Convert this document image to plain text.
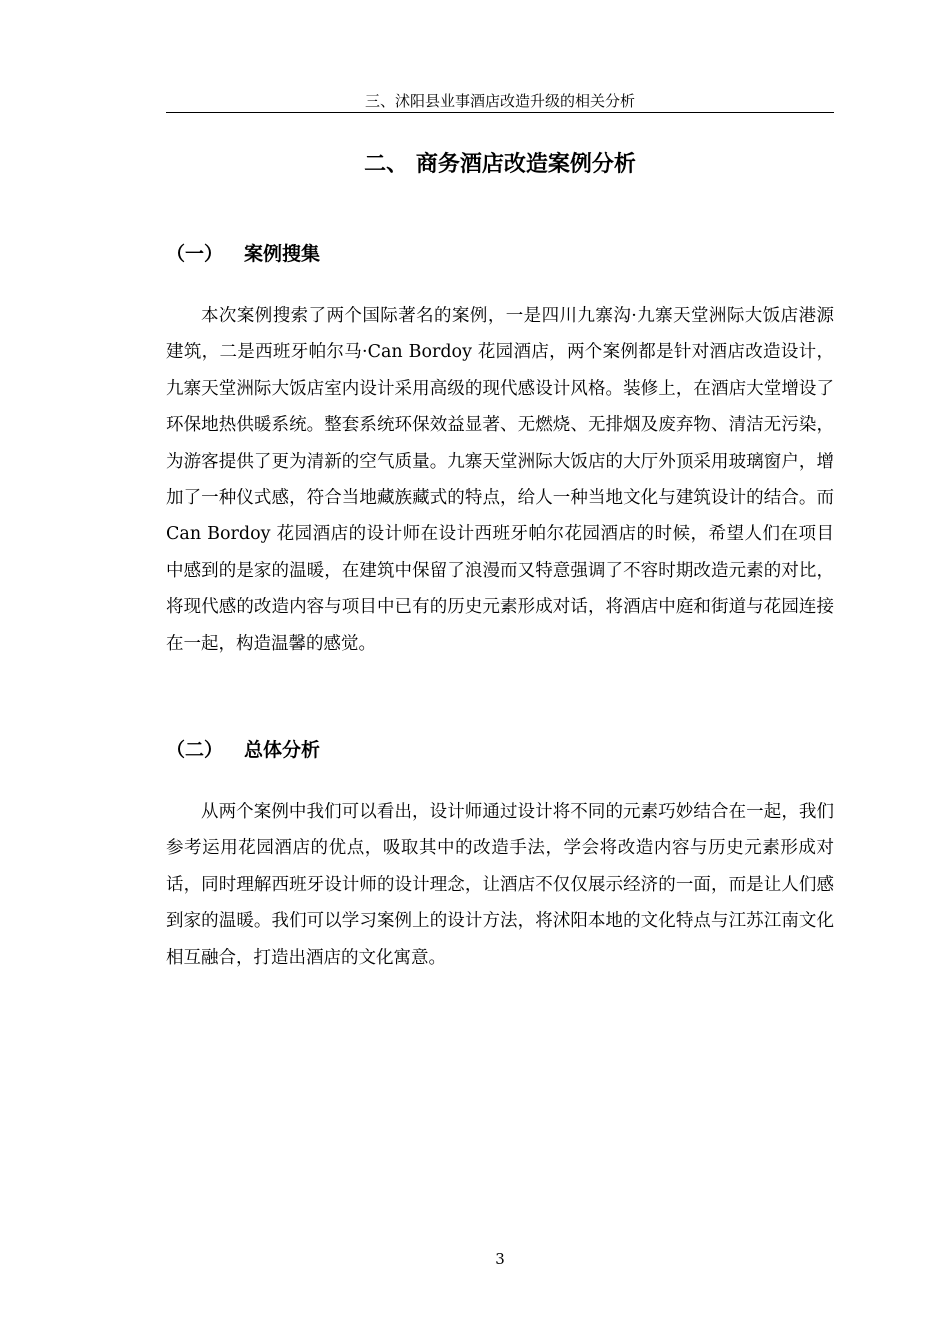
三、沭阳县业事酒店改造升级的相关分析
二、 商务酒店改造案例分析
（一） 案例搜集

本次案例搜索了两个国际著名的案例，一是四川九寨沟·九寨天堂洲际大饭店港源建筑，二是西班牙帕尔马·Can Bordoy 花园酒店，两个案例都是针对酒店改造设计，九寨天堂洲际大饭店室内设计采用高级的现代感设计风格。装修上，在酒店大堂增设了环保地热供暖系统。整套系统环保效益显著、无燃烧、无排烟及废弃物、清洁无污染，为游客提供了更为清新的空气质量。九寨天堂洲际大饭店的大厅外顶采用玻璃窗户，增加了一种仪式感，符合当地藏族藏式的特点，给人一种当地文化与建筑设计的结合。而 Can Bordoy 花园酒店的设计师在设计西班牙帕尔花园酒店的时候，希望人们在项目中感到的是家的温暖，在建筑中保留了浪漫而又特意强调了不容时期改造元素的对比，将现代感的改造内容与项目中已有的历史元素形成对话，将酒店中庭和街道与花园连接在一起，构造温馨的感觉。

（二） 总体分析

从两个案例中我们可以看出，设计师通过设计将不同的元素巧妙结合在一起，我们参考运用花园酒店的优点，吸取其中的改造手法，学会将改造内容与历史元素形成对话，同时理解西班牙设计师的设计理念，让酒店不仅仅展示经济的一面，而是让人们感到家的温暖。我们可以学习案例上的设计方法，将沭阳本地的文化特点与江苏江南文化相互融合，打造出酒店的文化寓意。

3
